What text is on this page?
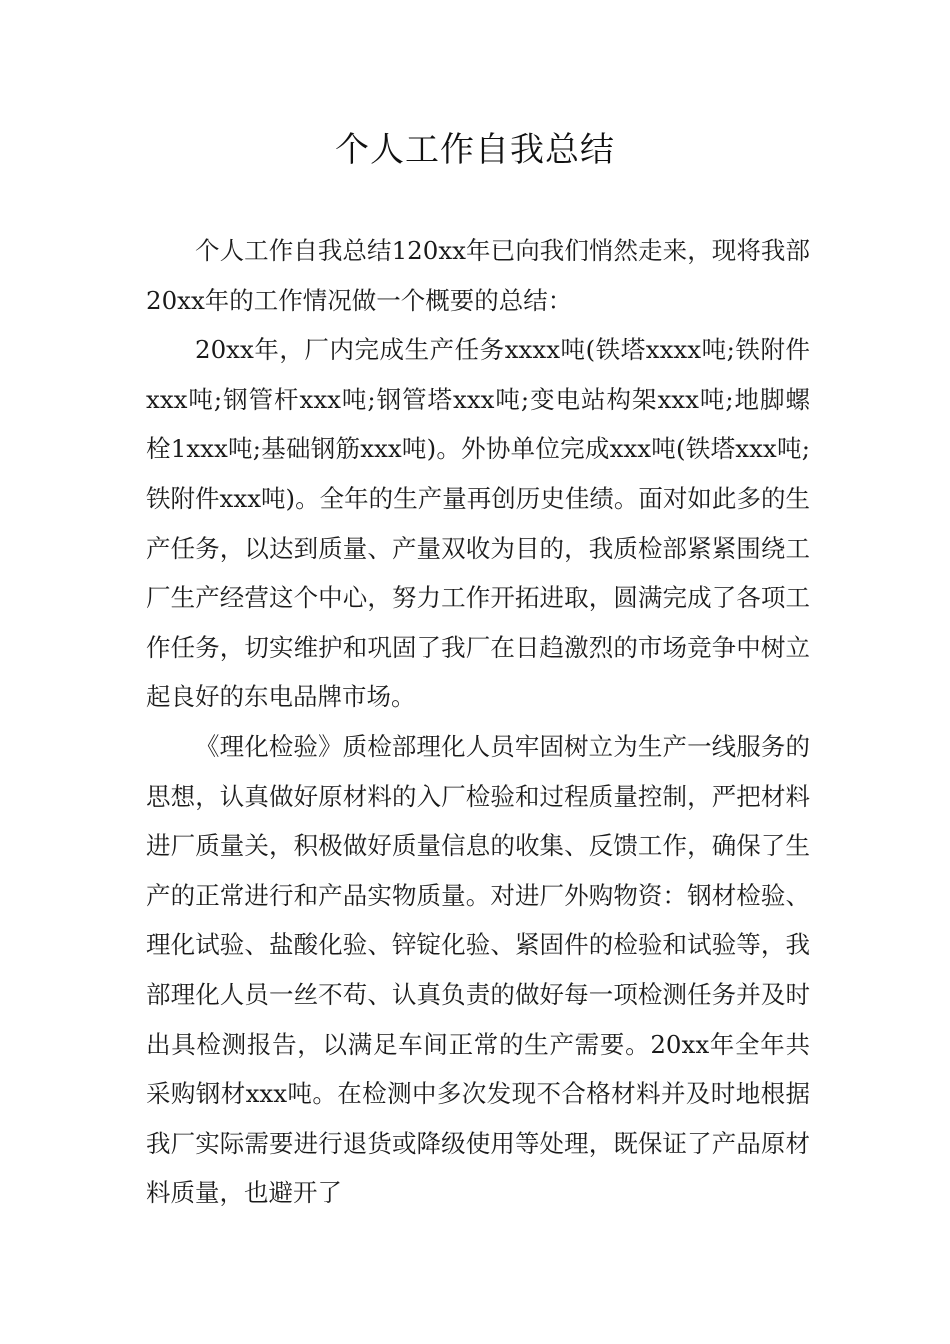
个人工作自我总结

个人工作自我总结120xx年已向我们悄然走来，现将我部20xx年的工作情况做一个概要的总结：

20xx年，厂内完成生产任务xxxx吨(铁塔xxxx吨;铁附件xxx吨;钢管杆xxx吨;钢管塔xxx吨;变电站构架xxx吨;地脚螺栓1xxx吨;基础钢筋xxx吨)。外协单位完成xxx吨(铁塔xxx吨;铁附件xxx吨)。全年的生产量再创历史佳绩。面对如此多的生产任务，以达到质量、产量双收为目的，我质检部紧紧围绕工厂生产经营这个中心，努力工作开拓进取，圆满完成了各项工作任务，切实维护和巩固了我厂在日趋激烈的市场竞争中树立起良好的东电品牌市场。

《理化检验》质检部理化人员牢固树立为生产一线服务的思想，认真做好原材料的入厂检验和过程质量控制，严把材料进厂质量关，积极做好质量信息的收集、反馈工作，确保了生产的正常进行和产品实物质量。对进厂外购物资：钢材检验、理化试验、盐酸化验、锌锭化验、紧固件的检验和试验等，我部理化人员一丝不苟、认真负责的做好每一项检测任务并及时出具检测报告，以满足车间正常的生产需要。20xx年全年共采购钢材xxx吨。在检测中多次发现不合格材料并及时地根据我厂实际需要进行退货或降级使用等处理，既保证了产品原材料质量，也避开了
